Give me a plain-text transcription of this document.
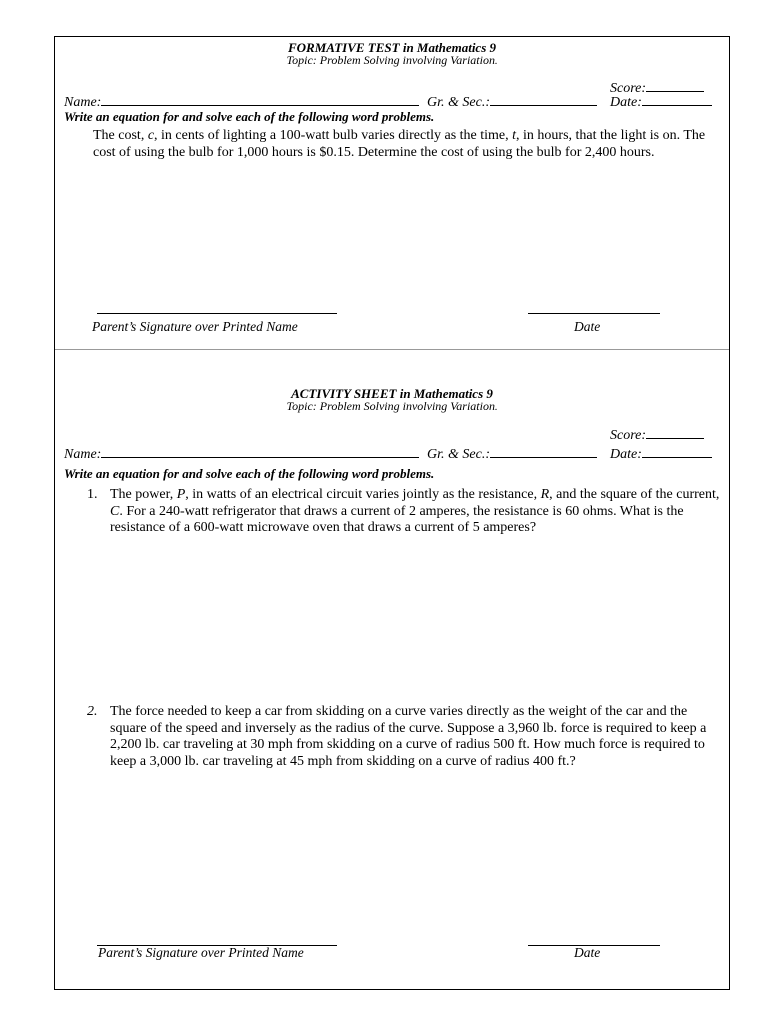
FORMATIVE TEST in Mathematics 9
Topic: Problem Solving involving Variation.
Score:
Name:	Gr. & Sec.:	Date:
Write an equation for and solve each of the following word problems.
The cost, c, in cents of lighting a 100-watt bulb varies directly as the time, t, in hours, that the light is on. The cost of using the bulb for 1,000 hours is $0.15. Determine the cost of using the bulb for 2,400 hours.
Parent’s Signature over Printed Name	Date
ACTIVITY SHEET in Mathematics 9
Topic: Problem Solving involving Variation.
Score:
Name:	Gr. & Sec.:	Date:
Write an equation for and solve each of the following word problems.
1. The power, P, in watts of an electrical circuit varies jointly as the resistance, R, and the square of the current, C. For a 240-watt refrigerator that draws a current of 2 amperes, the resistance is 60 ohms. What is the resistance of a 600-watt microwave oven that draws a current of 5 amperes?
2. The force needed to keep a car from skidding on a curve varies directly as the weight of the car and the square of the speed and inversely as the radius of the curve. Suppose a 3,960 lb. force is required to keep a 2,200 lb. car traveling at 30 mph from skidding on a curve of radius 500 ft. How much force is required to keep a 3,000 lb. car traveling at 45 mph from skidding on a curve of radius 400 ft.?
Parent’s Signature over Printed Name	Date
